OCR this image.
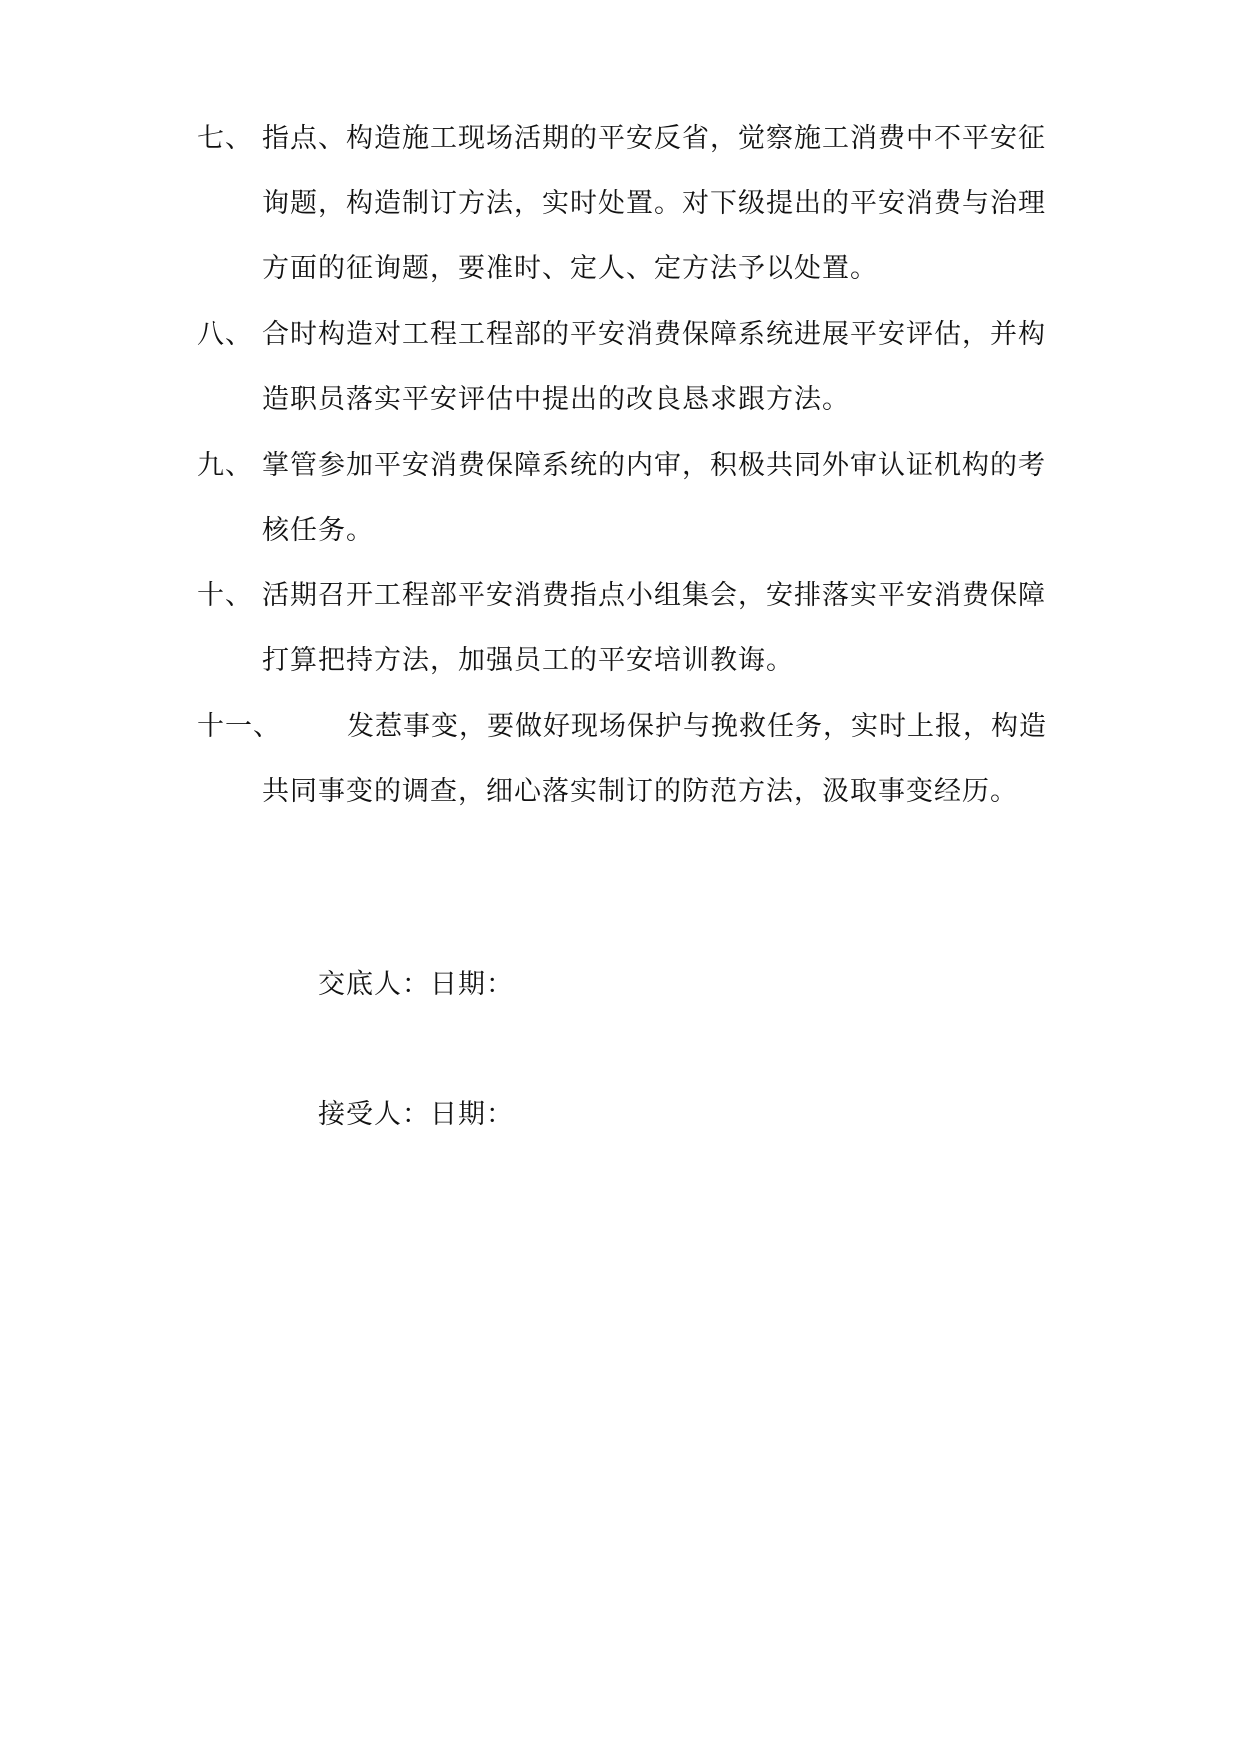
七、 指点、构造施工现场活期的平安反省，觉察施工消费中不平安征
询题，构造制订方法，实时处置。对下级提出的平安消费与治理
方面的征询题，要准时、定人、定方法予以处置。
八、 合时构造对工程工程部的平安消费保障系统进展平安评估，并构
造职员落实平安评估中提出的改良恳求跟方法。
九、 掌管参加平安消费保障系统的内审，积极共同外审认证机构的考
核任务。
十、 活期召开工程部平安消费指点小组集会，安排落实平安消费保障
打算把持方法，加强员工的平安培训教诲。
十一、 发惹事变，要做好现场保护与挽救任务，实时上报，构造
共同事变的调查，细心落实制订的防范方法，汲取事变经历。
交底人：日期：
接受人：日期：
